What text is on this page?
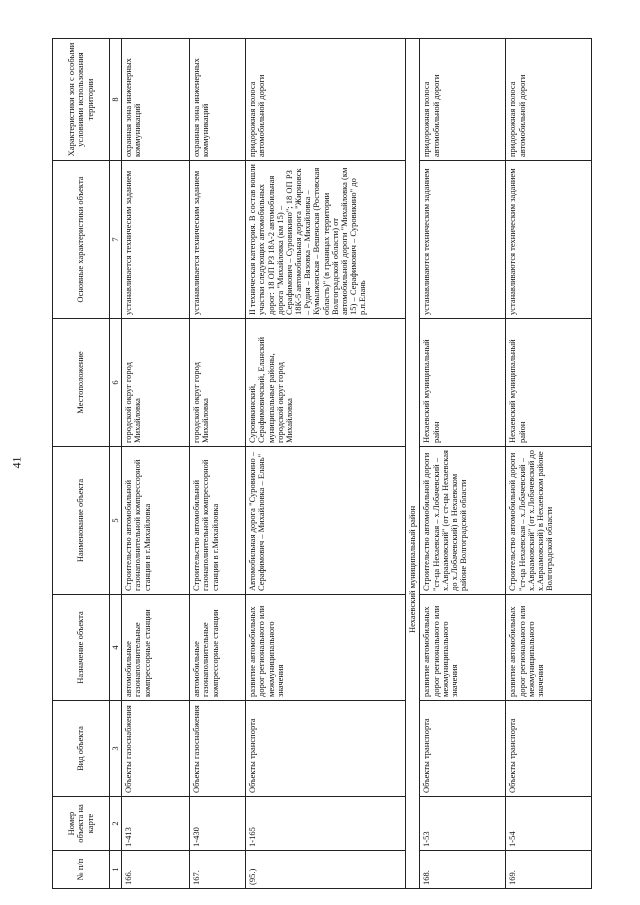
41
№ п/п	Номер объекта на карте	Вид объекта	Назначение объекта	Наименование объекта	Местоположение	Основные характеристики объекта	Характеристики зон с особыми условиями использования территории
1	2	3	4	5	6	7	8
166.	1-413	Объекты газоснабжения	автомобильные газонаполнительные компрессорные станции	Строительство автомобильной газонаполнительной компрессорной станции в г.Михайловка	городской округ город Михайловка	устанавливается техническим заданием	охранная зона инженерных коммуникаций
167.	1-430	Объекты газоснабжения	автомобильные газонаполнительные компрессорные станции	Строительство автомобильной газонаполнительной компрессорной станции в г.Михайловка	городской округ город Михайловка	устанавливается техническим заданием	охранная зона инженерных коммуникаций
(95.)	1-165	Объекты транспорта	развитие автомобильных дорог регионального или межмуниципального значения	Автомобильная дорога "Суровикино – Серафимович – Михайловка – Елань"	Суровикинский, Серафимовичский, Еланский муниципальные районы, городской округ город Михайловка	II техническая категория. В состав вошли участки следующих автомобильных дорог: 18 ОП РЗ 18А-2 автомобильная дорога "Михайловка (км 15) – Серафимович – Суровикино"; 18 ОП РЗ 18К-5 автомобильная дорога "Жирновск – Рудня – Вязовка – Михайловка – Кумылженская – Вешенская (Ростовская область)" (в границах территории Волгоградской области) от автомобильной дороги "Михайловка (км 15) – Серафимович – Суровикино" до р.п.Елань	придорожная полоса автомобильной дороги
Нехаевский муниципальный район							
168.	1-53	Объекты транспорта	развитие автомобильных дорог регионального или межмуниципального значения	Строительство автомобильной дороги "ст-ца Нехаевская – х.Лобачевский – х.Авраамовский" (от ст-цы Нехаевская до х.Лобачевский) в Нехаевском районе Волгоградской области	Нехаевский муниципальный район	устанавливаются техническим заданием	придорожная полоса автомобильной дороги
169.	1-54	Объекты транспорта	развитие автомобильных дорог регионального или межмуниципального значения	Строительство автомобильной дороги "ст-ца Нехаевская – х.Лобачевский – х.Авраамовский" (от х.Лобачевский до х.Авраамовский) в Нехаевском районе Волгоградской области	Нехаевский муниципальный район	устанавливаются техническим заданием	придорожная полоса автомобильной дороги
